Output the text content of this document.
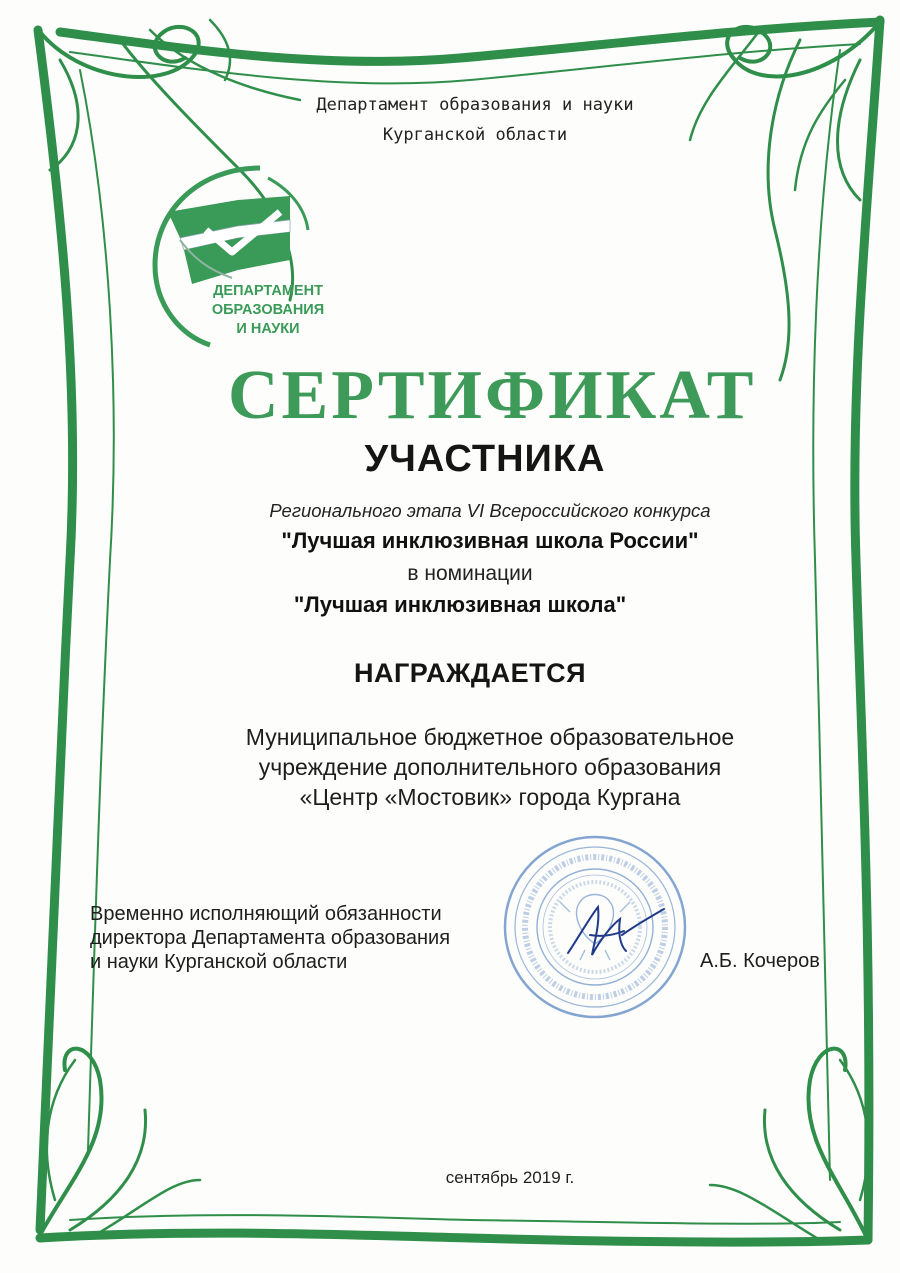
Департамент образования и науки
Курганской области
ДЕПАРТАМЕНТ
ОБРАЗОВАНИЯ
И НАУКИ
СЕРТИФИКАТ
УЧАСТНИКА
Регионального этапа VI Всероссийского конкурса
"Лучшая инклюзивная школа России"
в номинации
"Лучшая инклюзивная школа"
НАГРАЖДАЕТСЯ
Муниципальное бюджетное образовательное
учреждение дополнительного образования
«Центр «Мостовик» города Кургана
Временно исполняющий обязанности
директора Департамента образования
и науки Курганской области	А.Б. Кочеров
сентябрь 2019 г.
